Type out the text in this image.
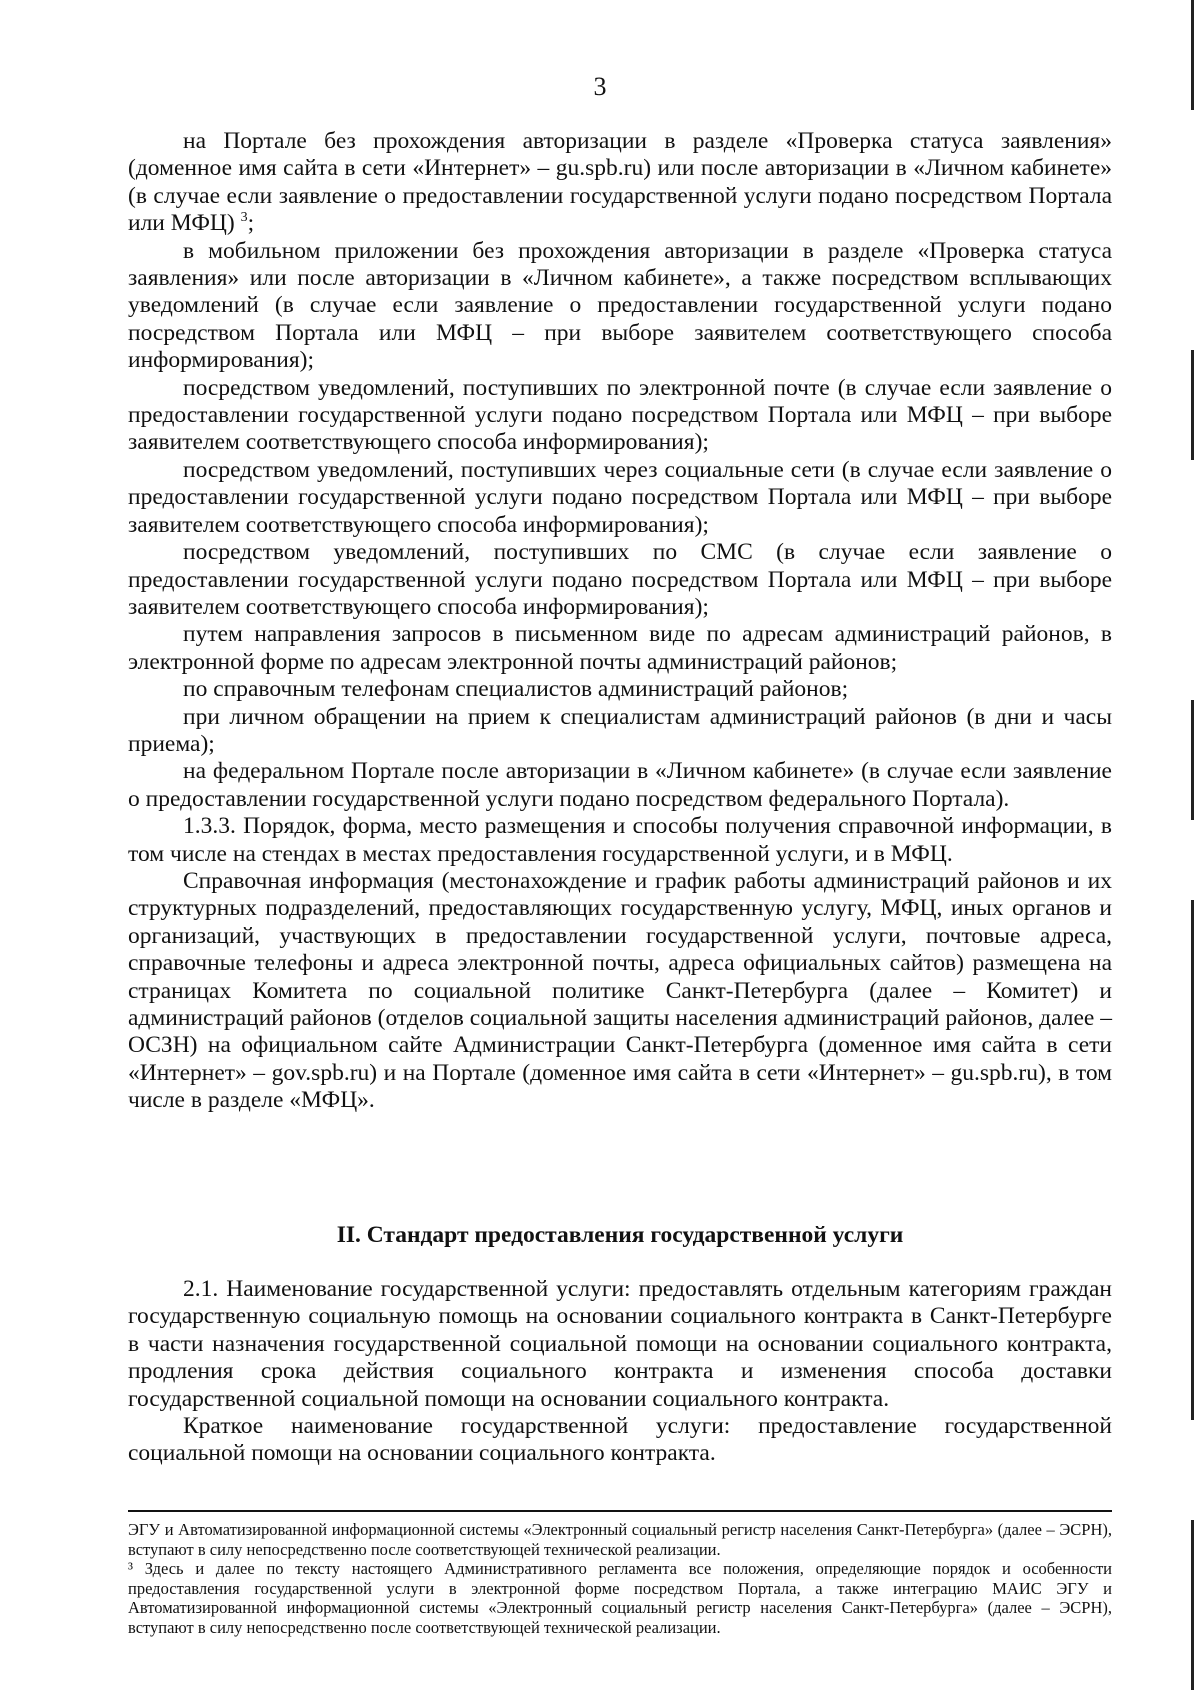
3

на Портале без прохождения авторизации в разделе «Проверка статуса заявления» (доменное имя сайта в сети «Интернет» – gu.spb.ru) или после авторизации в «Личном кабинете» (в случае если заявление о предоставлении государственной услуги подано посредством Портала или МФЦ) $^3$;

в мобильном приложении без прохождения авторизации в разделе «Проверка статуса заявления» или после авторизации в «Личном кабинете», а также посредством всплывающих уведомлений (в случае если заявление о предоставлении государственной услуги подано посредством Портала или МФЦ – при выборе заявителем соответствующего способа информирования);

посредством уведомлений, поступивших по электронной почте (в случае если заявление о предоставлении государственной услуги подано посредством Портала или МФЦ – при выборе заявителем соответствующего способа информирования);

посредством уведомлений, поступивших через социальные сети (в случае если заявление о предоставлении государственной услуги подано посредством Портала или МФЦ – при выборе заявителем соответствующего способа информирования);

посредством уведомлений, поступивших по СМС (в случае если заявление о предоставлении государственной услуги подано посредством Портала или МФЦ – при выборе заявителем соответствующего способа информирования);

путем направления запросов в письменном виде по адресам администраций районов, в электронной форме по адресам электронной почты администраций районов;

по справочным телефонам специалистов администраций районов;

при личном обращении на прием к специалистам администраций районов (в дни и часы приема);

на федеральном Портале после авторизации в «Личном кабинете» (в случае если заявление о предоставлении государственной услуги подано посредством федерального Портала).

1.3.3. Порядок, форма, место размещения и способы получения справочной информации, в том числе на стендах в местах предоставления государственной услуги, и в МФЦ.

Справочная информация (местонахождение и график работы администраций районов и их структурных подразделений, предоставляющих государственную услугу, МФЦ, иных органов и организаций, участвующих в предоставлении государственной услуги, почтовые адреса, справочные телефоны и адреса электронной почты, адреса официальных сайтов) размещена на страницах Комитета по социальной политике Санкт-Петербурга (далее – Комитет) и администраций районов (отделов социальной защиты населения администраций районов, далее – ОСЗН) на официальном сайте Администрации Санкт-Петербурга (доменное имя сайта в сети «Интернет» – gov.spb.ru) и на Портале (доменное имя сайта в сети «Интернет» – gu.spb.ru), в том числе в разделе «МФЦ».

II. Стандарт предоставления государственной услуги

2.1. Наименование государственной услуги: предоставлять отдельным категориям граждан государственную социальную помощь на основании социального контракта в Санкт-Петербурге в части назначения государственной социальной помощи на основании социального контракта, продления срока действия социального контракта и изменения способа доставки государственной социальной помощи на основании социального контракта.

Краткое наименование государственной услуги: предоставление государственной социальной помощи на основании социального контракта.

ЭГУ и Автоматизированной информационной системы «Электронный социальный регистр населения Санкт-Петербурга» (далее – ЭСРН), вступают в силу непосредственно после соответствующей технической реализации.

³ Здесь и далее по тексту настоящего Административного регламента все положения, определяющие порядок и особенности предоставления государственной услуги в электронной форме посредством Портала, а также интеграцию МАИС ЭГУ и Автоматизированной информационной системы «Электронный социальный регистр населения Санкт-Петербурга» (далее – ЭСРН), вступают в силу непосредственно после соответствующей технической реализации.
